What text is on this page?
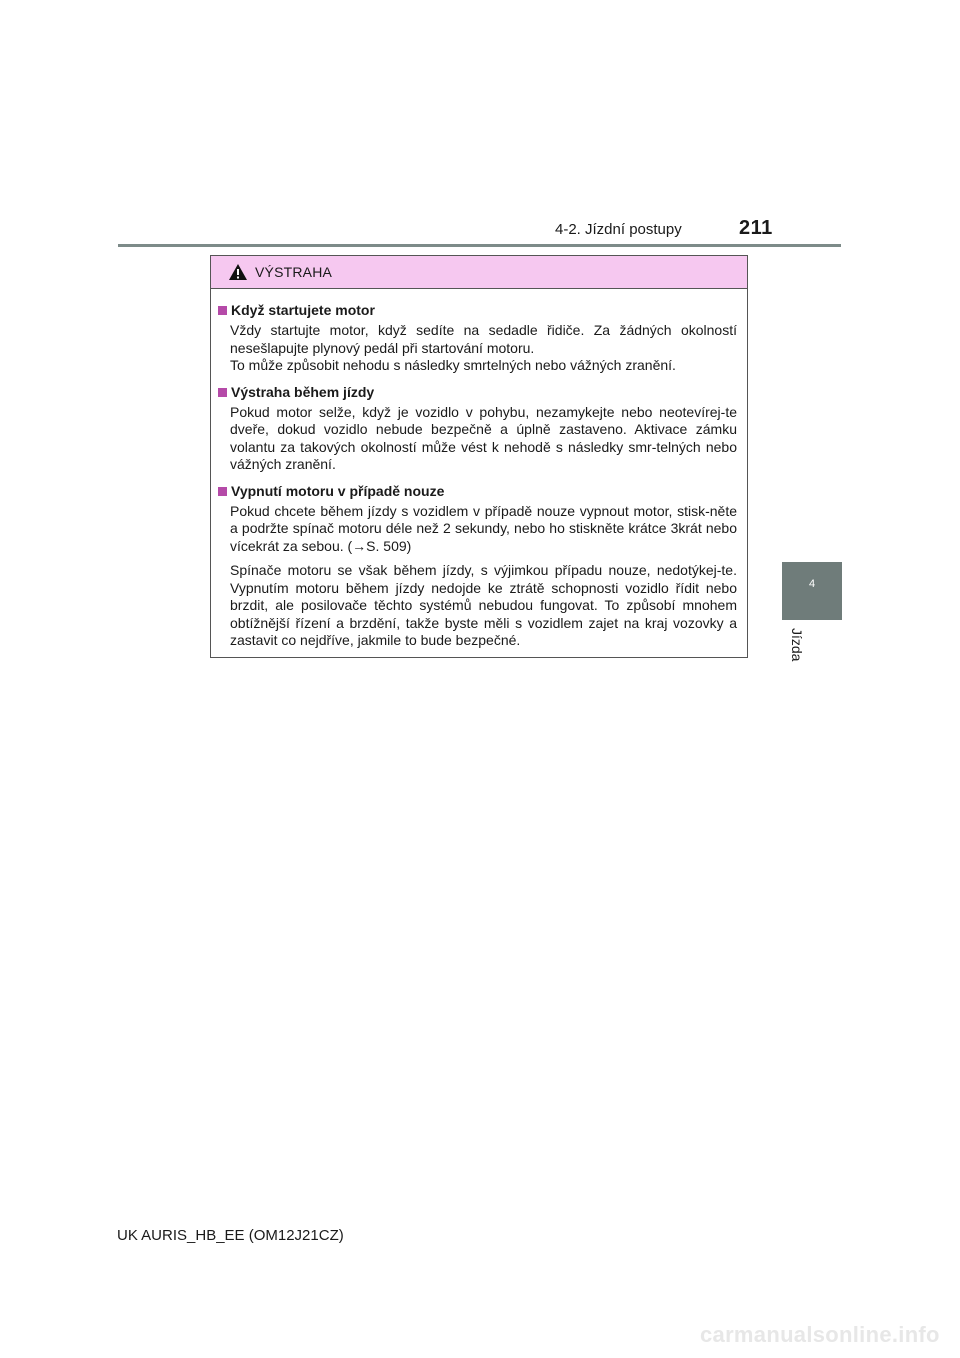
4-2. Jízdní postupy	211
4
Jízda
VÝSTRAHA
Když startujete motor
Vždy startujte motor, když sedíte na sedadle řidiče. Za žádných okolností nesešlapujte plynový pedál při startování motoru.
To může způsobit nehodu s následky smrtelných nebo vážných zranění.
Výstraha během jízdy
Pokud motor selže, když je vozidlo v pohybu, nezamykejte nebo neotevírej-te dveře, dokud vozidlo nebude bezpečně a úplně zastaveno. Aktivace zámku volantu za takových okolností může vést k nehodě s následky smr-telných nebo vážných zranění.
Vypnutí motoru v případě nouze
Pokud chcete během jízdy s vozidlem v případě nouze vypnout motor, stisk-něte a podržte spínač motoru déle než 2 sekundy, nebo ho stiskněte krátce 3krát nebo vícekrát za sebou. (→S. 509)
Spínače motoru se však během jízdy, s výjimkou případu nouze, nedotýkej-te. Vypnutím motoru během jízdy nedojde ke ztrátě schopnosti vozidlo řídit nebo brzdit, ale posilovače těchto systémů nebudou fungovat. To způsobí mnohem obtížnější řízení a brzdění, takže byste měli s vozidlem zajet na kraj vozovky a zastavit co nejdříve, jakmile to bude bezpečné.
UK AURIS_HB_EE (OM12J21CZ)
carmanualsonline.info
